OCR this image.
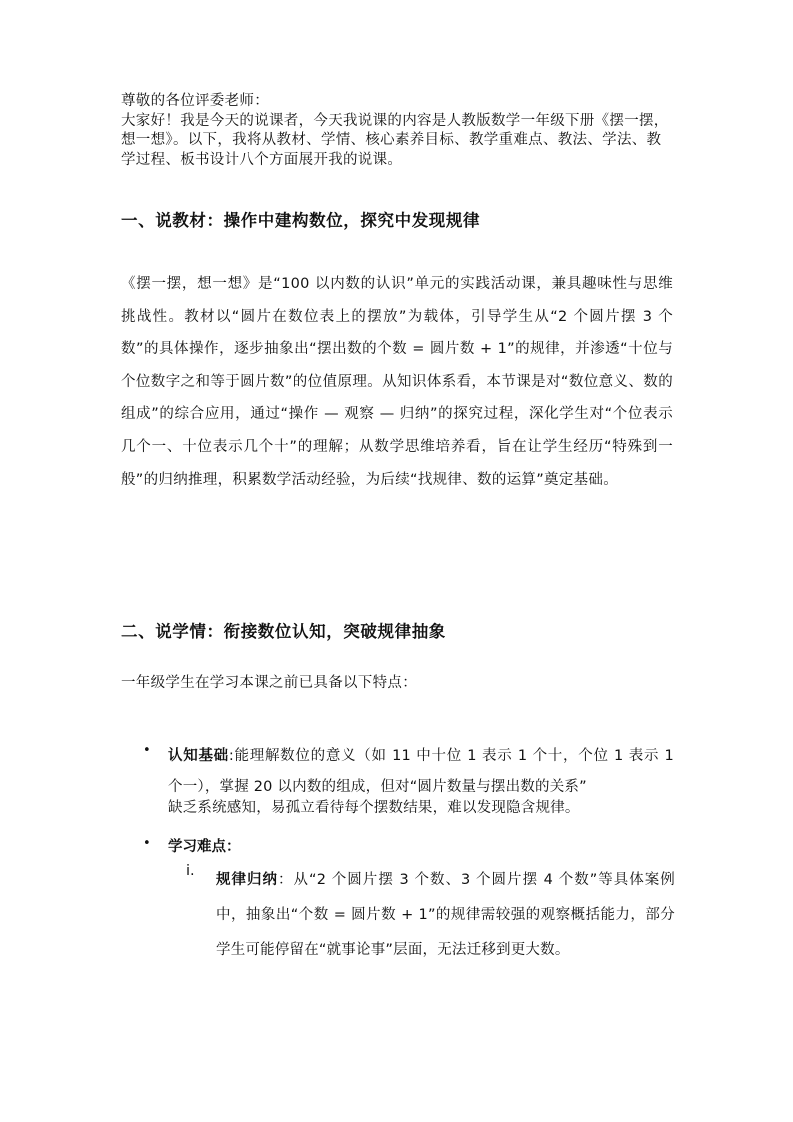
尊敬的各位评委老师：

大家好！我是今天的说课者，今天我说课的内容是人教版数学一年级下册《摆一摆，想一想》。以下，我将从教材、学情、核心素养目标、教学重难点、教法、学法、教学过程、板书设计八个方面展开我的说课。

一、说教材：操作中建构数位，探究中发现规律

《摆一摆，想一想》是“100 以内数的认识”单元的实践活动课，兼具趣味性与思维挑战性。教材以“圆片在数位表上的摆放”为载体，引导学生从“2 个圆片摆 3 个数”的具体操作，逐步抽象出“摆出数的个数 = 圆片数 + 1”的规律，并渗透“十位与个位数字之和等于圆片数”的位值原理。从知识体系看，本节课是对“数位意义、数的组成”的综合应用，通过“操作 — 观察 — 归纳”的探究过程，深化学生对“个位表示几个一、十位表示几个十”的理解；从数学思维培养看，旨在让学生经历“特殊到一般”的归纳推理，积累数学活动经验，为后续“找规律、数的运算”奠定基础。

二、说学情：衔接数位认知，突破规律抽象

一年级学生在学习本课之前已具备以下特点：

• 认知基础:能理解数位的意义（如 11 中十位 1 表示 1 个十，个位 1 表示 1 个一），掌握 20 以内数的组成，但对“圆片数量与摆出数的关系”
缺乏系统感知，易孤立看待每个摆数结果，难以发现隐含规律。
• 学习难点：
i.
规律归纳：从“2 个圆片摆 3 个数、3 个圆片摆 4 个数”等具体案例中，抽象出“个数 = 圆片数 + 1”的规律需较强的观察概括能力，部分学生可能停留在“就事论事”层面，无法迁移到更大数。
